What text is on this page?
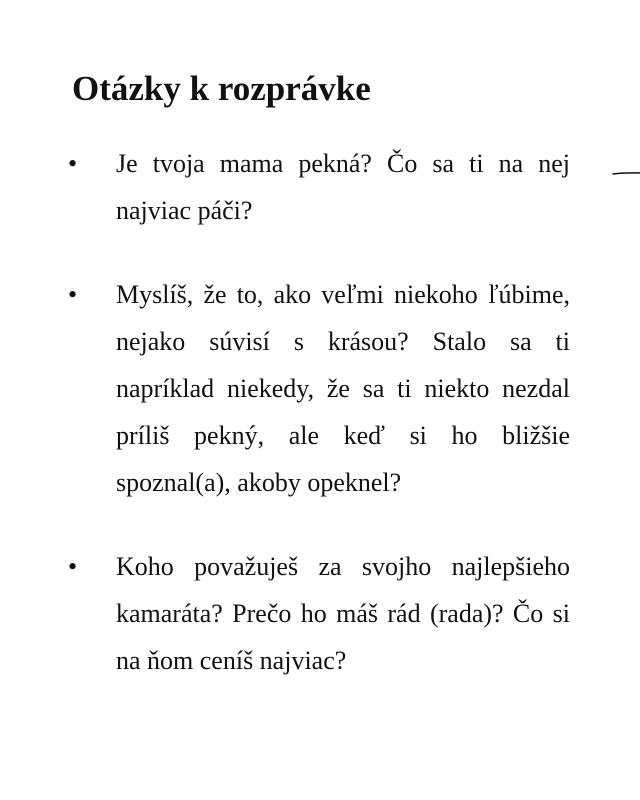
Otázky k rozprávke
• Je tvoja mama pekná? Čo sa ti na nej najviac páči?
• Myslíš, že to, ako veľmi niekoho ľúbime, nejako súvisí s krásou? Stalo sa ti napríklad niekedy, že sa ti niekto nezdal príliš pekný, ale keď si ho bližšie spoznal(a), akoby opeknel?
• Koho považuješ za svojho najlepšieho kamaráta? Prečo ho máš rád (rada)? Čo si na ňom ceníš najviac?
